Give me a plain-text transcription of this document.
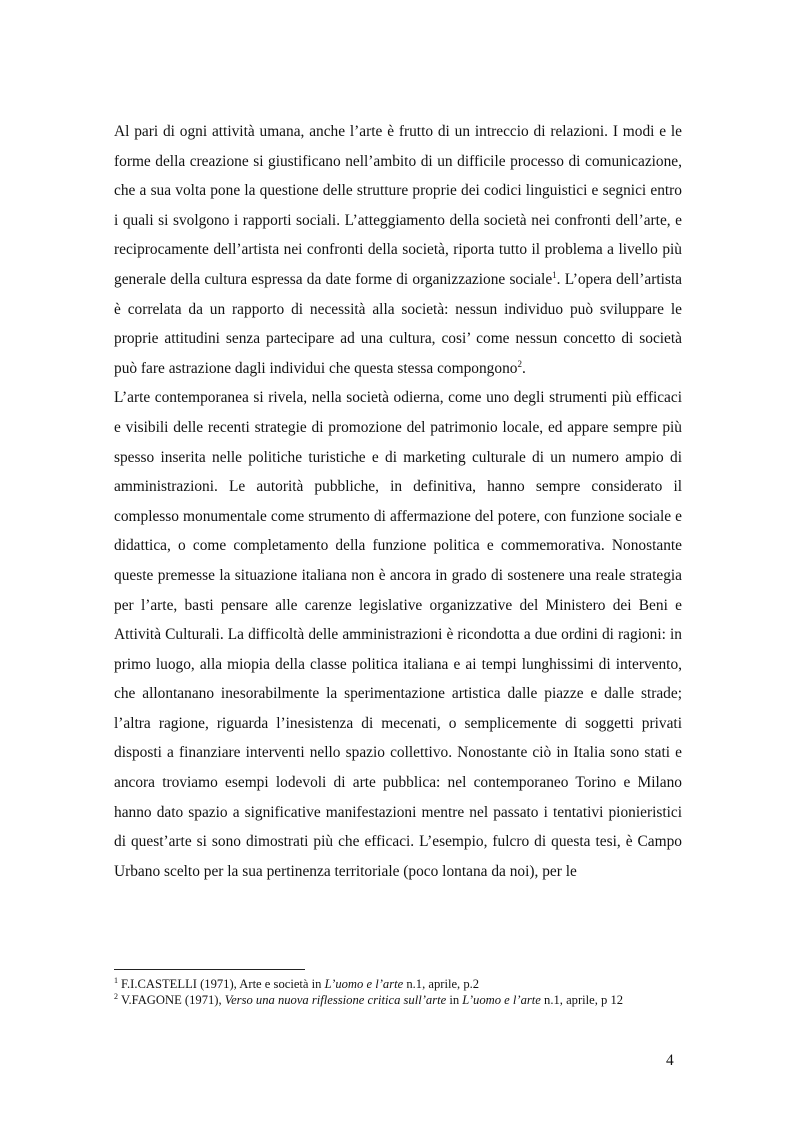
Al pari di ogni attività umana, anche l’arte è frutto di un intreccio di relazioni. I modi e le forme della creazione si giustificano nell’ambito di un difficile processo di comunicazione, che a sua volta pone la questione delle strutture proprie dei codici linguistici e segnici entro i quali si svolgono i rapporti sociali. L’atteggiamento della società nei confronti dell’arte, e reciprocamente dell’artista nei confronti della società, riporta tutto il problema a livello più generale della cultura espressa da date forme di organizzazione sociale$^1$. L’opera dell’artista è correlata da un rapporto di necessità alla società: nessun individuo può sviluppare le proprie attitudini senza partecipare ad una cultura, cosi’ come nessun concetto di società può fare astrazione dagli individui che questa stessa compongono$^2$.

L’arte contemporanea si rivela, nella società odierna, come uno degli strumenti più efficaci e visibili delle recenti strategie di promozione del patrimonio locale, ed appare sempre più spesso inserita nelle politiche turistiche e di marketing culturale di un numero ampio di amministrazioni. Le autorità pubbliche, in definitiva, hanno sempre considerato il complesso monumentale come strumento di affermazione del potere, con funzione sociale e didattica, o come completamento della funzione politica e commemorativa. Nonostante queste premesse la situazione italiana non è ancora in grado di sostenere una reale strategia per l’arte, basti pensare alle carenze legislative organizzative del Ministero dei Beni e Attività Culturali. La difficoltà delle amministrazioni è ricondotta a due ordini di ragioni: in primo luogo, alla miopia della classe politica italiana e ai tempi lunghissimi di intervento, che allontanano inesorabilmente la sperimentazione artistica dalle piazze e dalle strade; l’altra ragione, riguarda l’inesistenza di mecenati, o semplicemente di soggetti privati disposti a finanziare interventi nello spazio collettivo. Nonostante ciò in Italia sono stati e ancora troviamo esempi lodevoli di arte pubblica: nel contemporaneo Torino e Milano hanno dato spazio a significative manifestazioni mentre nel passato i tentativi pionieristici di quest’arte si sono dimostrati più che efficaci. L’esempio, fulcro di questa tesi, è Campo Urbano scelto per la sua pertinenza territoriale (poco lontana da noi), per le

$^1$ F.I.CASTELLI (1971), Arte e società in L’uomo e l’arte n.1, aprile, p.2

$^2$ V.FAGONE (1971), Verso una nuova riflessione critica sull’arte in L’uomo e l’arte n.1, aprile, p 12

4
